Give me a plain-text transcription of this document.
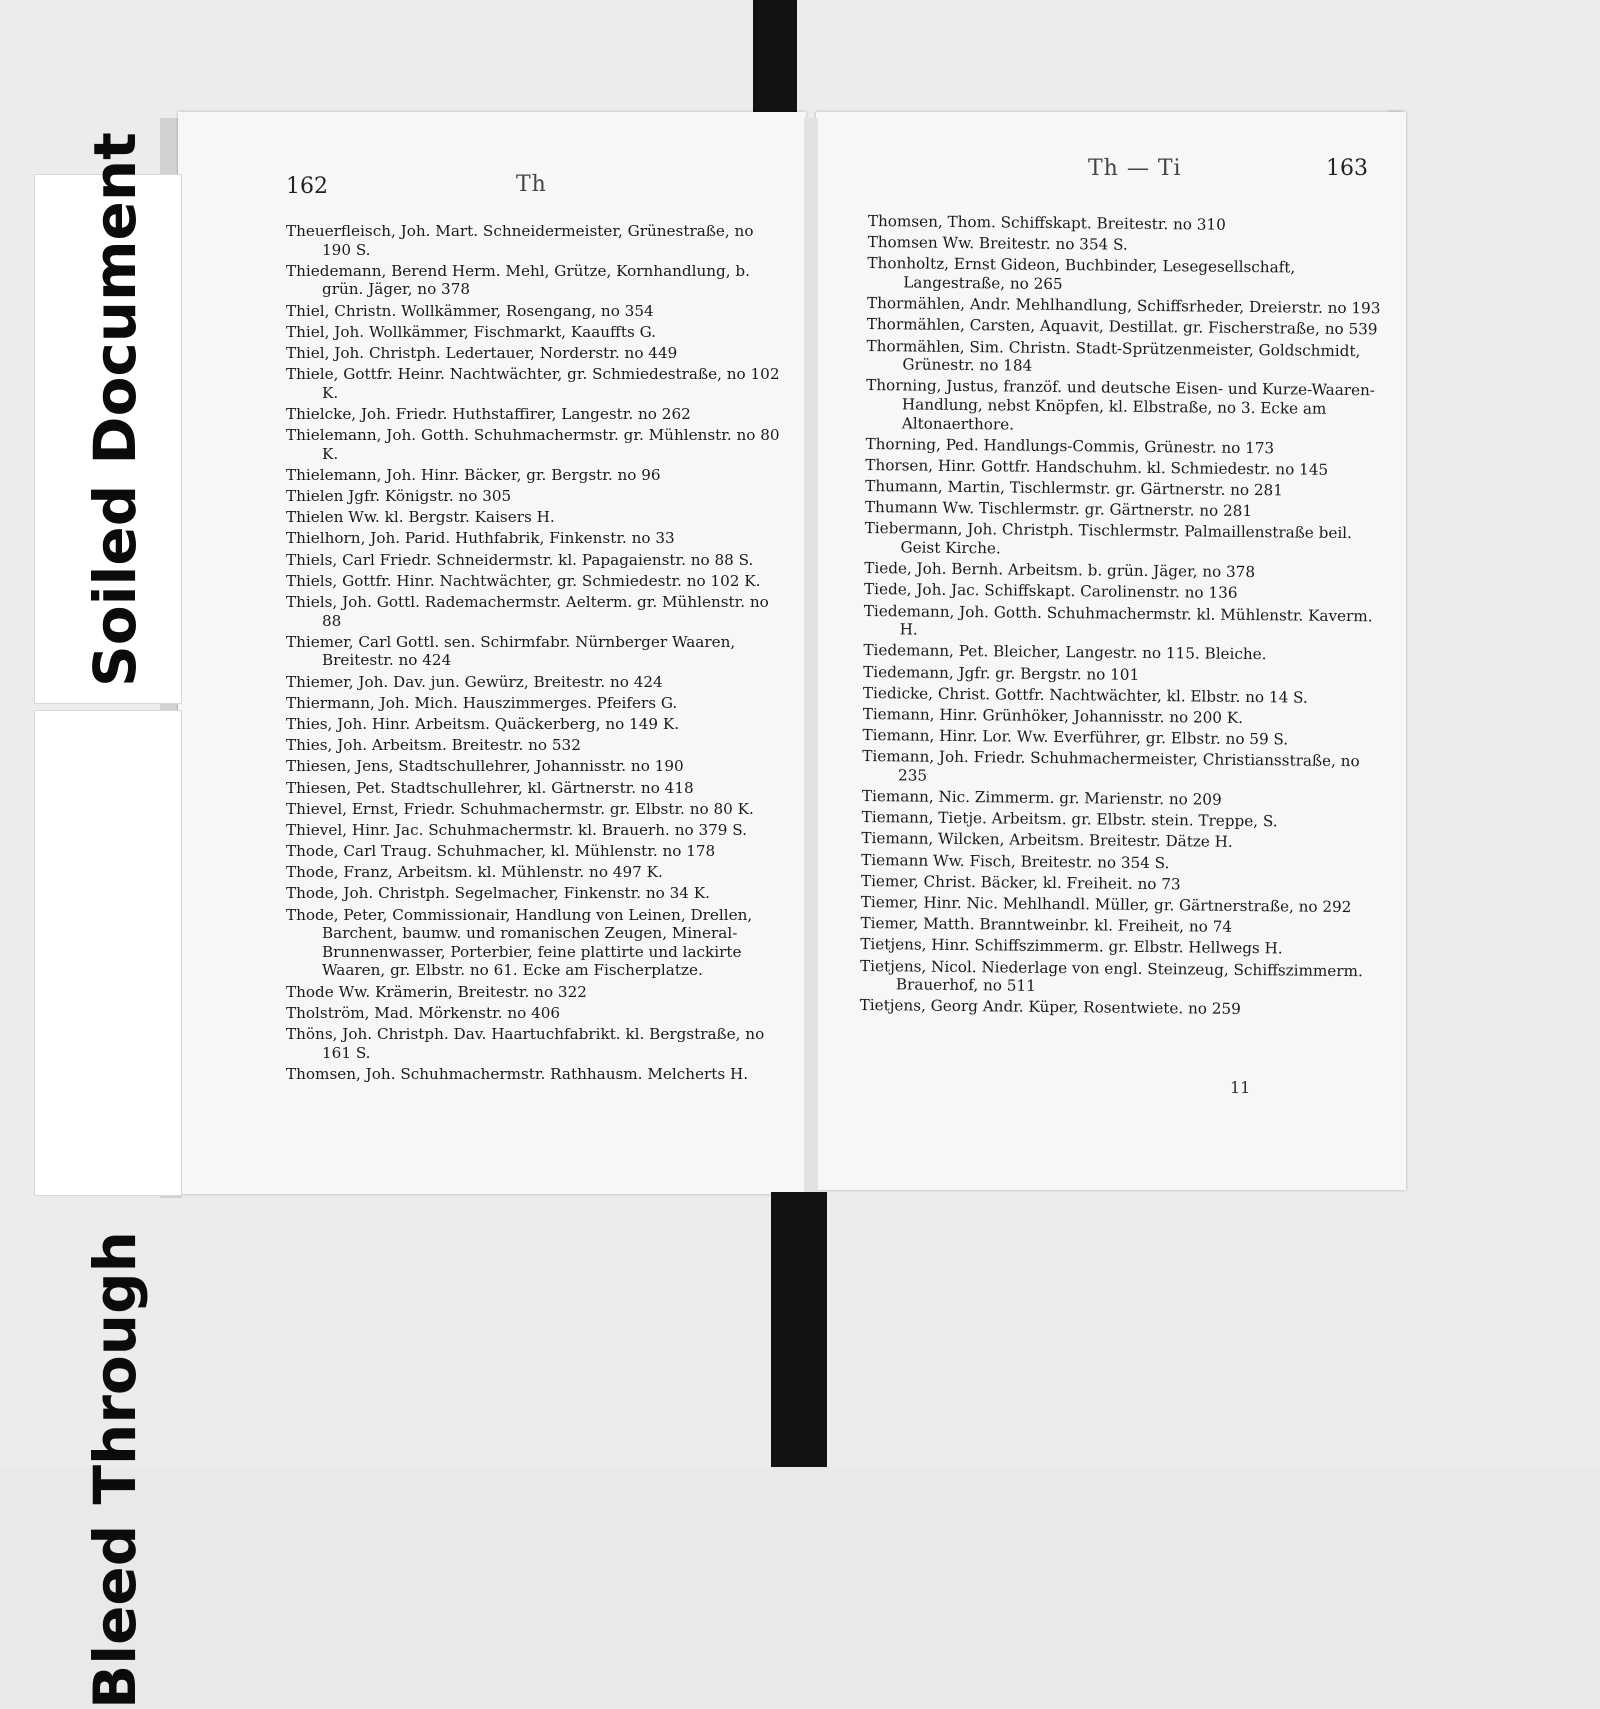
Soiled Document
Bleed Through
162	Th
Theuerfleisch, Joh. Mart. Schneidermeister, Grünestraße, no 190 S.
Thiedemann, Berend Herm. Mehl, Grütze, Kornhandlung, b. grün. Jäger, no 378
Thiel, Christn. Wollkämmer, Rosengang, no 354
Thiel, Joh. Wollkämmer, Fischmarkt, Kaauffts G.
Thiel, Joh. Christph. Ledertauer, Norderstr. no 449
Thiele, Gottfr. Heinr. Nachtwächter, gr. Schmiedestraße, no 102 K.
Thielcke, Joh. Friedr. Huthstaffirer, Langestr. no 262
Thielemann, Joh. Gotth. Schuhmachermstr. gr. Mühlenstr. no 80 K.
Thielemann, Joh. Hinr. Bäcker, gr. Bergstr. no 96
Thielen Jgfr. Königstr. no 305
Thielen Ww. kl. Bergstr. Kaisers H.
Thielhorn, Joh. Parid. Huthfabrik, Finkenstr. no 33
Thiels, Carl Friedr. Schneidermstr. kl. Papagaienstr. no 88 S.
Thiels, Gottfr. Hinr. Nachtwächter, gr. Schmiedestr. no 102 K.
Thiels, Joh. Gottl. Rademachermstr. Aelterm. gr. Mühlenstr. no 88
Thiemer, Carl Gottl. sen. Schirmfabr. Nürnberger Waaren, Breitestr. no 424
Thiemer, Joh. Dav. jun. Gewürz, Breitestr. no 424
Thiermann, Joh. Mich. Hauszimmerges. Pfeifers G.
Thies, Joh. Hinr. Arbeitsm. Quäckerberg, no 149 K.
Thies, Joh. Arbeitsm. Breitestr. no 532
Thiesen, Jens, Stadtschullehrer, Johannisstr. no 190
Thiesen, Pet. Stadtschullehrer, kl. Gärtnerstr. no 418
Thievel, Ernst, Friedr. Schuhmachermstr. gr. Elbstr. no 80 K.
Thievel, Hinr. Jac. Schuhmachermstr. kl. Brauerh. no 379 S.
Thode, Carl Traug. Schuhmacher, kl. Mühlenstr. no 178
Thode, Franz, Arbeitsm. kl. Mühlenstr. no 497 K.
Thode, Joh. Christph. Segelmacher, Finkenstr. no 34 K.
Thode, Peter, Commissionair, Handlung von Leinen, Drellen, Barchent, baumw. und romanischen Zeugen, Mineral-Brunnenwasser, Porterbier, feine plattirte und lackirte Waaren, gr. Elbstr. no 61. Ecke am Fischerplatze.
Thode Ww. Krämerin, Breitestr. no 322
Tholström, Mad. Mörkenstr. no 406
Thöns, Joh. Christph. Dav. Haartuchfabrikt. kl. Bergstraße, no 161 S.
Thomsen, Joh. Schuhmachermstr. Rathhausm. Melcherts H.
Th — Ti	163
Thomsen, Thom. Schiffskapt. Breitestr. no 310
Thomsen Ww. Breitestr. no 354 S.
Thonholtz, Ernst Gideon, Buchbinder, Lesegesellschaft, Langestraße, no 265
Thormählen, Andr. Mehlhandlung, Schiffsrheder, Dreierstr. no 193
Thormählen, Carsten, Aquavit, Destillat. gr. Fischerstraße, no 539
Thormählen, Sim. Christn. Stadt-Sprützenmeister, Goldschmidt, Grünestr. no 184
Thorning, Justus, franzöf. und deutsche Eisen- und Kurze-Waaren-Handlung, nebst Knöpfen, kl. Elbstraße, no 3. Ecke am Altonaerthore.
Thorning, Ped. Handlungs-Commis, Grünestr. no 173
Thorsen, Hinr. Gottfr. Handschuhm. kl. Schmiedestr. no 145
Thumann, Martin, Tischlermstr. gr. Gärtnerstr. no 281
Thumann Ww. Tischlermstr. gr. Gärtnerstr. no 281
Tiebermann, Joh. Christph. Tischlermstr. Palmaillenstraße beil. Geist Kirche.
Tiede, Joh. Bernh. Arbeitsm. b. grün. Jäger, no 378
Tiede, Joh. Jac. Schiffskapt. Carolinenstr. no 136
Tiedemann, Joh. Gotth. Schuhmachermstr. kl. Mühlenstr. Kaverm. H.
Tiedemann, Pet. Bleicher, Langestr. no 115. Bleiche.
Tiedemann, Jgfr. gr. Bergstr. no 101
Tiedicke, Christ. Gottfr. Nachtwächter, kl. Elbstr. no 14 S.
Tiemann, Hinr. Grünhöker, Johannisstr. no 200 K.
Tiemann, Hinr. Lor. Ww. Everführer, gr. Elbstr. no 59 S.
Tiemann, Joh. Friedr. Schuhmachermeister, Christiansstraße, no 235
Tiemann, Nic. Zimmerm. gr. Marienstr. no 209
Tiemann, Tietje. Arbeitsm. gr. Elbstr. stein. Treppe, S.
Tiemann, Wilcken, Arbeitsm. Breitestr. Dätze H.
Tiemann Ww. Fisch, Breitestr. no 354 S.
Tiemer, Christ. Bäcker, kl. Freiheit. no 73
Tiemer, Hinr. Nic. Mehlhandl. Müller, gr. Gärtnerstraße, no 292
Tiemer, Matth. Branntweinbr. kl. Freiheit, no 74
Tietjens, Hinr. Schiffszimmerm. gr. Elbstr. Hellwegs H.
Tietjens, Nicol. Niederlage von engl. Steinzeug, Schiffszimmerm. Brauerhof, no 511
Tietjens, Georg Andr. Küper, Rosentwiete. no 259
11
